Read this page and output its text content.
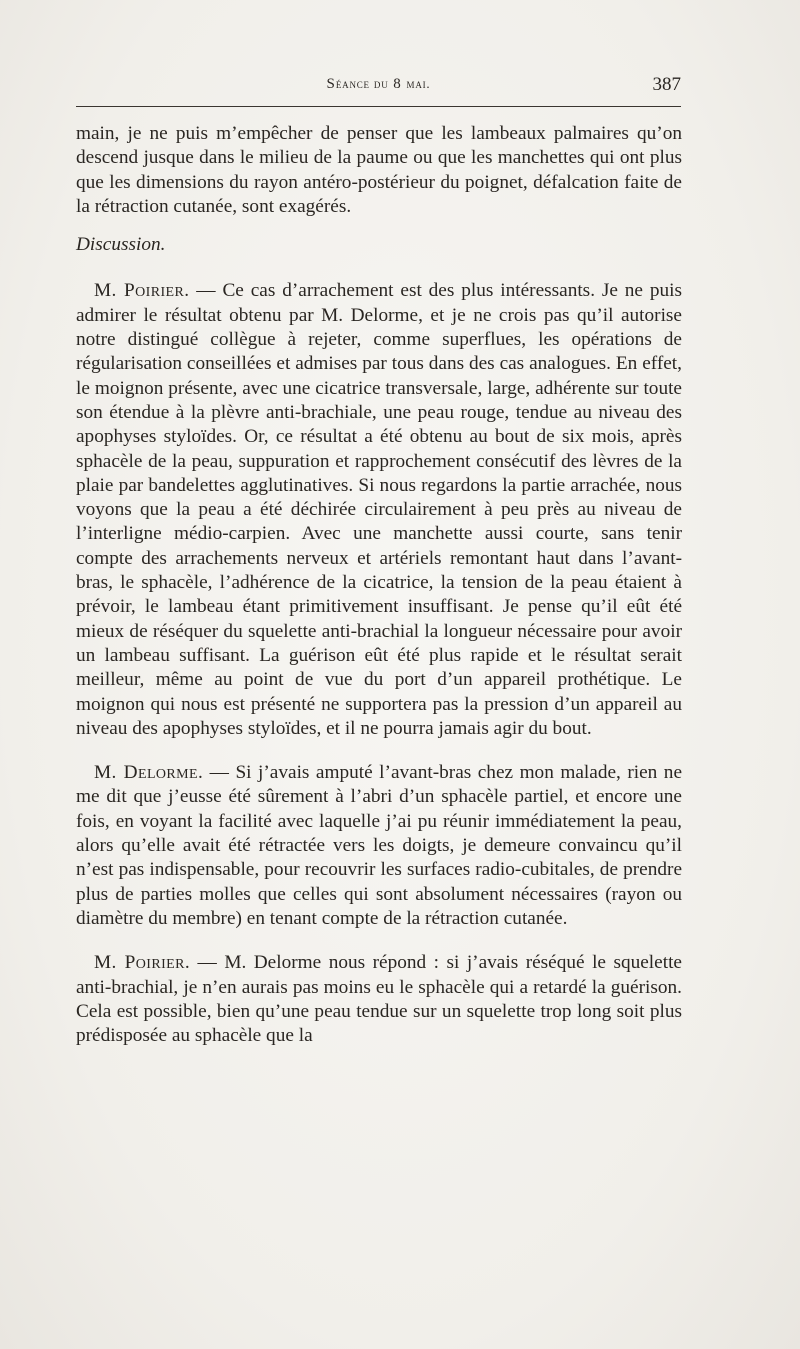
Séance du 8 mai.	387

main, je ne puis m’empêcher de penser que les lambeaux palmaires qu’on descend jusque dans le milieu de la paume ou que les manchettes qui ont plus que les dimensions du rayon antéro-postérieur du poignet, défalcation faite de la rétraction cutanée, sont exagérés.

Discussion.

M. Poirier. — Ce cas d’arrachement est des plus intéressants. Je ne puis admirer le résultat obtenu par M. Delorme, et je ne crois pas qu’il autorise notre distingué collègue à rejeter, comme superflues, les opérations de régularisation conseillées et admises par tous dans des cas analogues. En effet, le moignon présente, avec une cicatrice transversale, large, adhérente sur toute son étendue à la plèvre anti-brachiale, une peau rouge, tendue au niveau des apophyses styloïdes. Or, ce résultat a été obtenu au bout de six mois, après sphacèle de la peau, suppuration et rapprochement consécutif des lèvres de la plaie par bandelettes agglutinatives. Si nous regardons la partie arrachée, nous voyons que la peau a été déchirée circulairement à peu près au niveau de l’interligne médio-carpien. Avec une manchette aussi courte, sans tenir compte des arrachements nerveux et artériels remontant haut dans l’avant-bras, le sphacèle, l’adhérence de la cicatrice, la tension de la peau étaient à prévoir, le lambeau étant primitivement insuffisant. Je pense qu’il eût été mieux de réséquer du squelette anti-brachial la longueur nécessaire pour avoir un lambeau suffisant. La guérison eût été plus rapide et le résultat serait meilleur, même au point de vue du port d’un appareil prothétique. Le moignon qui nous est présenté ne supportera pas la pression d’un appareil au niveau des apophyses styloïdes, et il ne pourra jamais agir du bout.

M. Delorme. — Si j’avais amputé l’avant-bras chez mon malade, rien ne me dit que j’eusse été sûrement à l’abri d’un sphacèle partiel, et encore une fois, en voyant la facilité avec laquelle j’ai pu réunir immédiatement la peau, alors qu’elle avait été rétractée vers les doigts, je demeure convaincu qu’il n’est pas indispensable, pour recouvrir les surfaces radio-cubitales, de prendre plus de parties molles que celles qui sont absolument nécessaires (rayon ou diamètre du membre) en tenant compte de la rétraction cutanée.

M. Poirier. — M. Delorme nous répond : si j’avais réséqué le squelette anti-brachial, je n’en aurais pas moins eu le sphacèle qui a retardé la guérison. Cela est possible, bien qu’une peau tendue sur un squelette trop long soit plus prédisposée au sphacèle que la
